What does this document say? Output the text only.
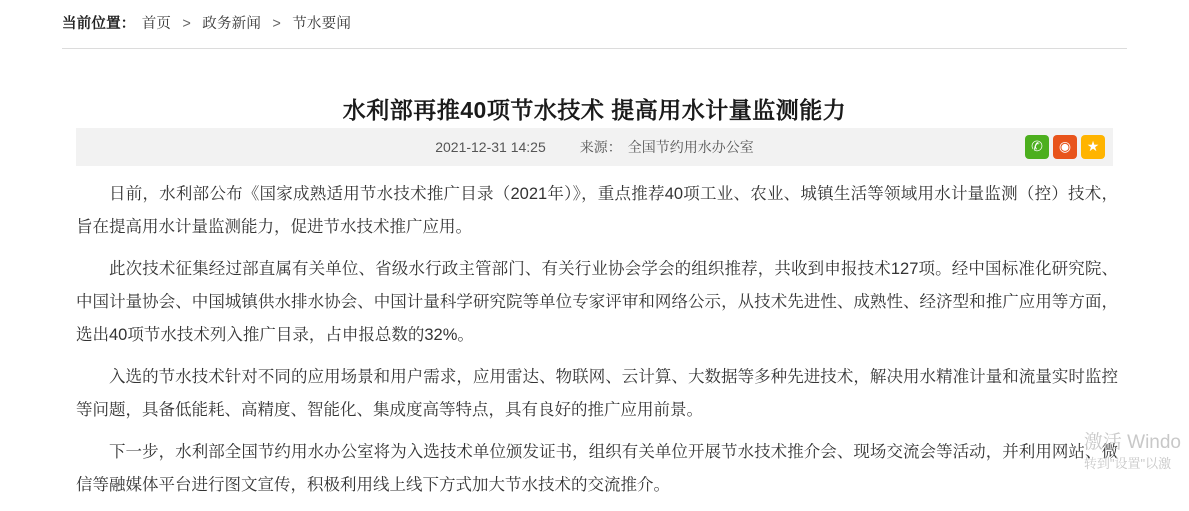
当前位置： 首页 > 政务新闻 > 节水要闻
水利部再推40项节水技术 提高用水计量监测能力
2021-12-31 14:25 来源： 全国节约用水办公室	✆ ◉ ★

日前，水利部公布《国家成熟适用节水技术推广目录（2021年）》，重点推荐40项工业、农业、城镇生活等领域用水计量监测（控）技术，旨在提高用水计量监测能力，促进节水技术推广应用。

此次技术征集经过部直属有关单位、省级水行政主管部门、有关行业协会学会的组织推荐，共收到申报技术127项。经中国标准化研究院、中国计量协会、中国城镇供水排水协会、中国计量科学研究院等单位专家评审和网络公示，从技术先进性、成熟性、经济型和推广应用等方面，选出40项节水技术列入推广目录，占申报总数的32%。

入选的节水技术针对不同的应用场景和用户需求，应用雷达、物联网、云计算、大数据等多种先进技术，解决用水精准计量和流量实时监控等问题，具备低能耗、高精度、智能化、集成度高等特点，具有良好的推广应用前景。

下一步，水利部全国节约用水办公室将为入选技术单位颁发证书，组织有关单位开展节水技术推介会、现场交流会等活动，并利用网站、微信等融媒体平台进行图文宣传，积极利用线上线下方式加大节水技术的交流推介。

激活 Windo
转到"设置"以激
